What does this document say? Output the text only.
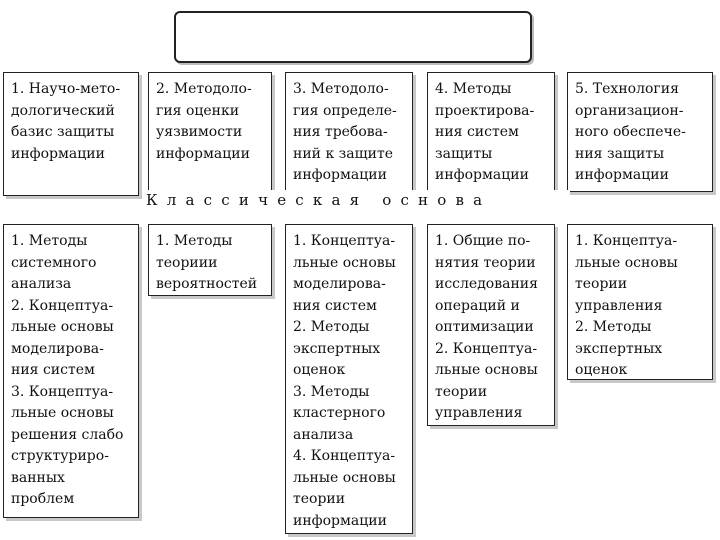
1. Научо-мето-
дологический
базис защиты
информации
2. Методоло-
гия оценки
уязвимости
информации
3. Методоло-
гия определе-
ния требова-
ний к защите
информации
4. Методы
проектирова-
ния систем
защиты
информации
5. Технология
организацион-
ного обеспече-
ния защиты
информации
1. Методы
системного
анализа
2. Концептуа-
льные основы
моделирова-
ния систем
3. Концептуа-
льные основы
решения слабо
структуриро-
ванных
проблем
1. Методы
теориии
вероятностей
1. Концептуа-
льные основы
моделирова-
ния систем
2. Методы
экспертных
оценок
3. Методы
кластерного
анализа
4. Концептуа-
льные основы
теории
информации
1. Общие по-
нятия теории
исследования
операций и
оптимизации
2. Концептуа-
льные основы
теории
управления
1. Концептуа-
льные основы
теории
управления
2. Методы
экспертных
оценок
Классическая основа
